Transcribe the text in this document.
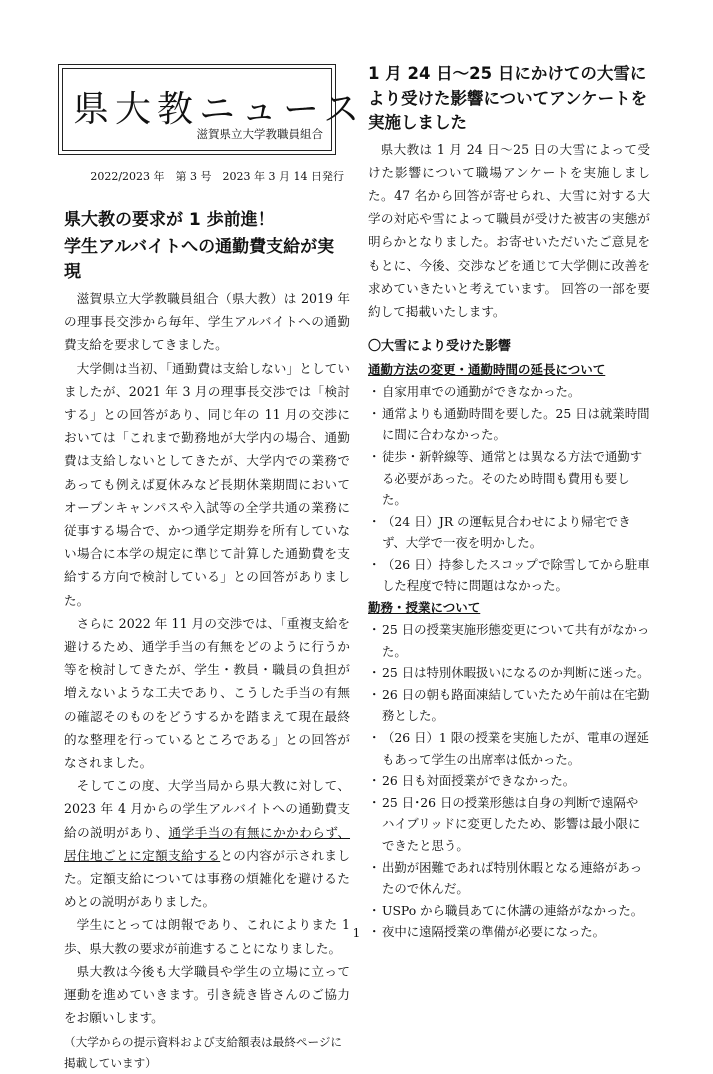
県大教ニュース
滋賀県立大学教職員組合
2022/2023 年　第 3 号　2023 年 3 月 14 日発行
県大教の要求が 1 歩前進！
学生アルバイトへの通勤費支給が実現

滋賀県立大学教職員組合（県大教）は 2019 年の理事長交渉から毎年、学生アルバイトへの通勤費支給を要求してきました。

大学側は当初、「通勤費は支給しない」としていましたが、2021 年 3 月の理事長交渉では「検討する」との回答があり、同じ年の 11 月の交渉においては「これまで勤務地が大学内の場合、通勤費は支給しないとしてきたが、大学内での業務であっても例えば夏休みなど長期休業期間においてオープンキャンパスや入試等の全学共通の業務に従事する場合で、かつ通学定期券を所有していない場合に本学の規定に準じて計算した通勤費を支給する方向で検討している」との回答がありました。

さらに 2022 年 11 月の交渉では、「重複支給を避けるため、通学手当の有無をどのように行うか等を検討してきたが、学生・教員・職員の負担が増えないような工夫であり、こうした手当の有無の確認そのものをどうするかを踏まえて現在最終的な整理を行っているところである」との回答がなされました。

そしてこの度、大学当局から県大教に対して、2023 年 4 月からの学生アルバイトへの通勤費支給の説明があり、通学手当の有無にかかわらず、居住地ごとに定額支給するとの内容が示されました。定額支給については事務の煩雑化を避けるためとの説明がありました。

学生にとっては朗報であり、これによりまた 1 歩、県大教の要求が前進することになりました。

県大教は今後も大学職員や学生の立場に立って運動を進めていきます。引き続き皆さんのご協力をお願いします。

（大学からの提示資料および支給額表は最終ページに掲載しています）

1 月 24 日～25 日にかけての大雪により受けた影響についてアンケートを実施しました

県大教は 1 月 24 日～25 日の大雪によって受けた影響について職場アンケートを実施しました。47 名から回答が寄せられ、大雪に対する大学の対応や雪によって職員が受けた被害の実態が明らかとなりました。お寄せいただいたご意見をもとに、今後、交渉などを通じて大学側に改善を求めていきたいと考えています。 回答の一部を要約して掲載いたします。

〇大雪により受けた影響
通勤方法の変更・通勤時間の延長について
・ 自家用車での通勤ができなかった。
・ 通常よりも通勤時間を要した。25 日は就業時間に間に合わなかった。
・ 徒歩・新幹線等、通常とは異なる方法で通勤する必要があった。そのため時間も費用も要した。
・ （24 日）JR の運転見合わせにより帰宅できず、大学で一夜を明かした。
・ （26 日）持参したスコップで除雪してから駐車した程度で特に問題はなかった。
勤務・授業について
・ 25 日の授業実施形態変更について共有がなかった。
・ 25 日は特別休暇扱いになるのか判断に迷った。
・ 26 日の朝も路面凍結していたため午前は在宅勤務とした。
・ （26 日）1 限の授業を実施したが、電車の遅延もあって学生の出席率は低かった。
・ 26 日も対面授業ができなかった。
・ 25 日･26 日の授業形態は自身の判断で遠隔やハイブリッドに変更したため、影響は最小限にできたと思う。
・ 出勤が困難であれば特別休暇となる連絡があったので休んだ。
・ USPo から職員あてに休講の連絡がなかった。
・ 夜中に遠隔授業の準備が必要になった。
1
